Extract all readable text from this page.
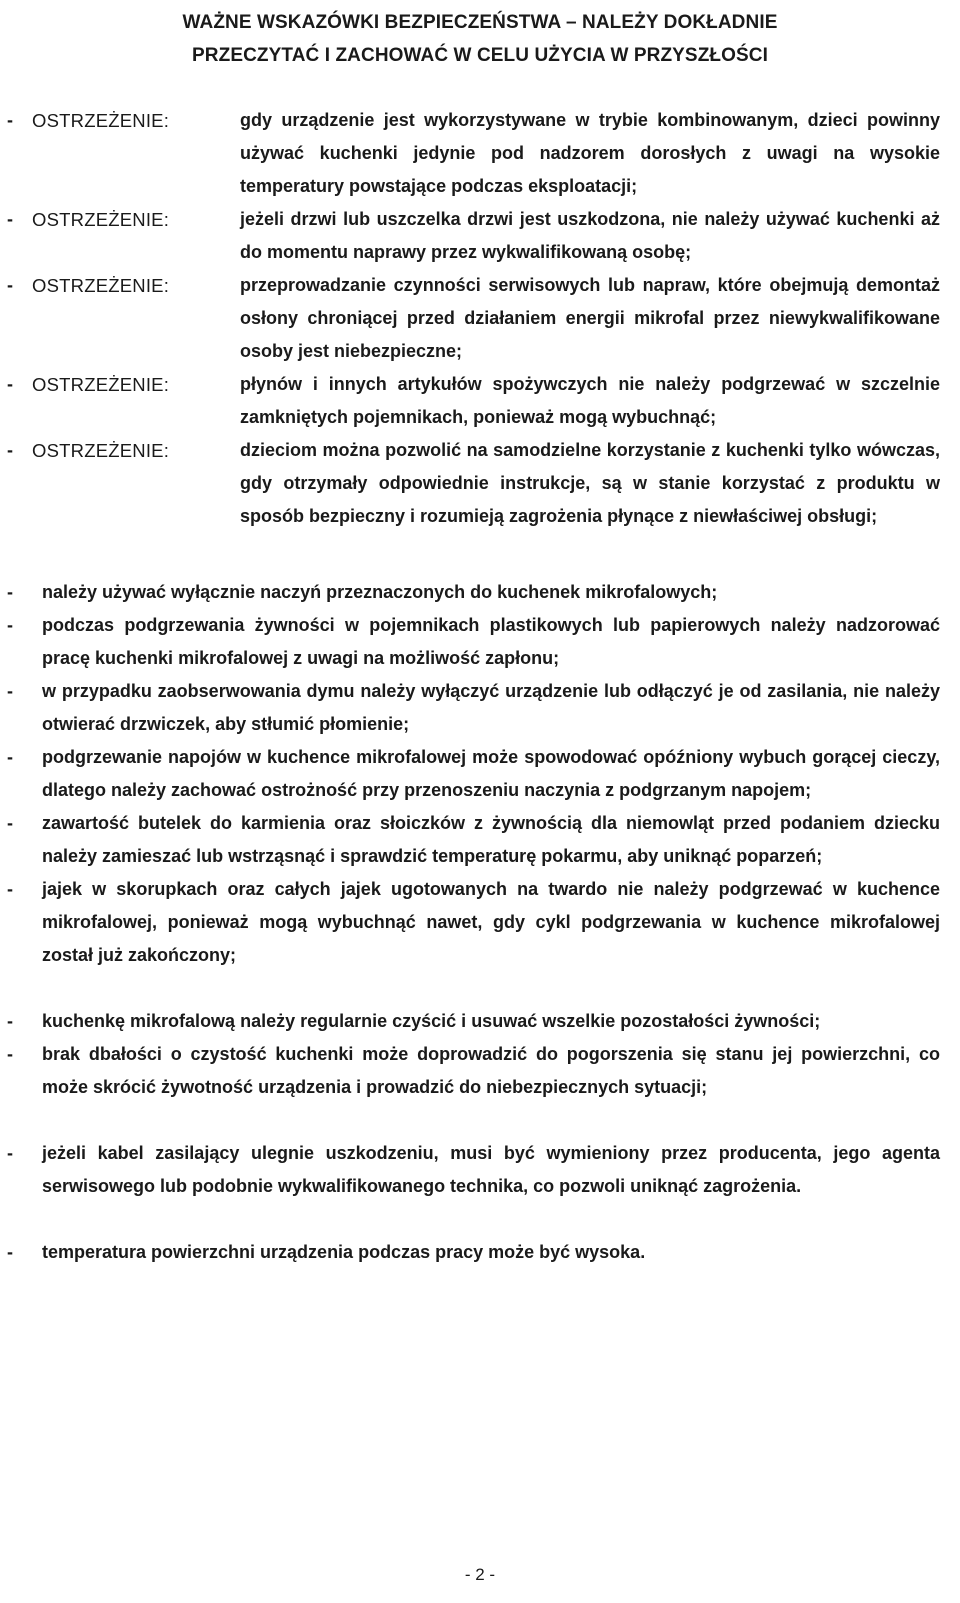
WAŻNE WSKAZÓWKI BEZPIECZEŃSTWA – NALEŻY DOKŁADNIE

PRZECZYTAĆ I ZACHOWAĆ W CELU UŻYCIA W PRZYSZŁOŚCI

- OSTRZEŻENIE:	gdy urządzenie jest wykorzystywane w trybie kombinowanym, dzieci powinny używać kuchenki jedynie pod nadzorem dorosłych z uwagi na wysokie temperatury powstające podczas eksploatacji;
- OSTRZEŻENIE:	jeżeli drzwi lub uszczelka drzwi jest uszkodzona, nie należy używać kuchenki aż do momentu naprawy przez wykwalifikowaną osobę;
- OSTRZEŻENIE:	przeprowadzanie czynności serwisowych lub napraw, które obejmują demontaż osłony chroniącej przed działaniem energii mikrofal przez niewykwalifikowane osoby jest niebezpieczne;
- OSTRZEŻENIE:	płynów i innych artykułów spożywczych nie należy podgrzewać w szczelnie zamkniętych pojemnikach, ponieważ mogą wybuchnąć;
- OSTRZEŻENIE:	dzieciom można pozwolić na samodzielne korzystanie z kuchenki tylko wówczas, gdy otrzymały odpowiednie instrukcje, są w stanie korzystać z produktu w sposób bezpieczny i rozumieją zagrożenia płynące z niewłaściwej obsługi;
- należy używać wyłącznie naczyń przeznaczonych do kuchenek mikrofalowych;
- podczas podgrzewania żywności w pojemnikach plastikowych lub papierowych należy nadzorować pracę kuchenki mikrofalowej z uwagi na możliwość zapłonu;
- w przypadku zaobserwowania dymu należy wyłączyć urządzenie lub odłączyć je od zasilania, nie należy otwierać drzwiczek, aby stłumić płomienie;
- podgrzewanie napojów w kuchence mikrofalowej może spowodować opóźniony wybuch gorącej cieczy, dlatego należy zachować ostrożność przy przenoszeniu naczynia z podgrzanym napojem;
- zawartość butelek do karmienia oraz słoiczków z żywnością dla niemowląt przed podaniem dziecku należy zamieszać lub wstrząsnąć i sprawdzić temperaturę pokarmu, aby uniknąć poparzeń;
- jajek w skorupkach oraz całych jajek ugotowanych na twardo nie należy podgrzewać w kuchence mikrofalowej, ponieważ mogą wybuchnąć nawet, gdy cykl podgrzewania w kuchence mikrofalowej został już zakończony;
- kuchenkę mikrofalową należy regularnie czyścić i usuwać wszelkie pozostałości żywności;
- brak dbałości o czystość kuchenki może doprowadzić do pogorszenia się stanu jej powierzchni, co może skrócić żywotność urządzenia i prowadzić do niebezpiecznych sytuacji;
- jeżeli kabel zasilający ulegnie uszkodzeniu, musi być wymieniony przez producenta, jego agenta serwisowego lub podobnie wykwalifikowanego technika, co pozwoli uniknąć zagrożenia.
- temperatura powierzchni urządzenia podczas pracy może być wysoka.
- 2 -
